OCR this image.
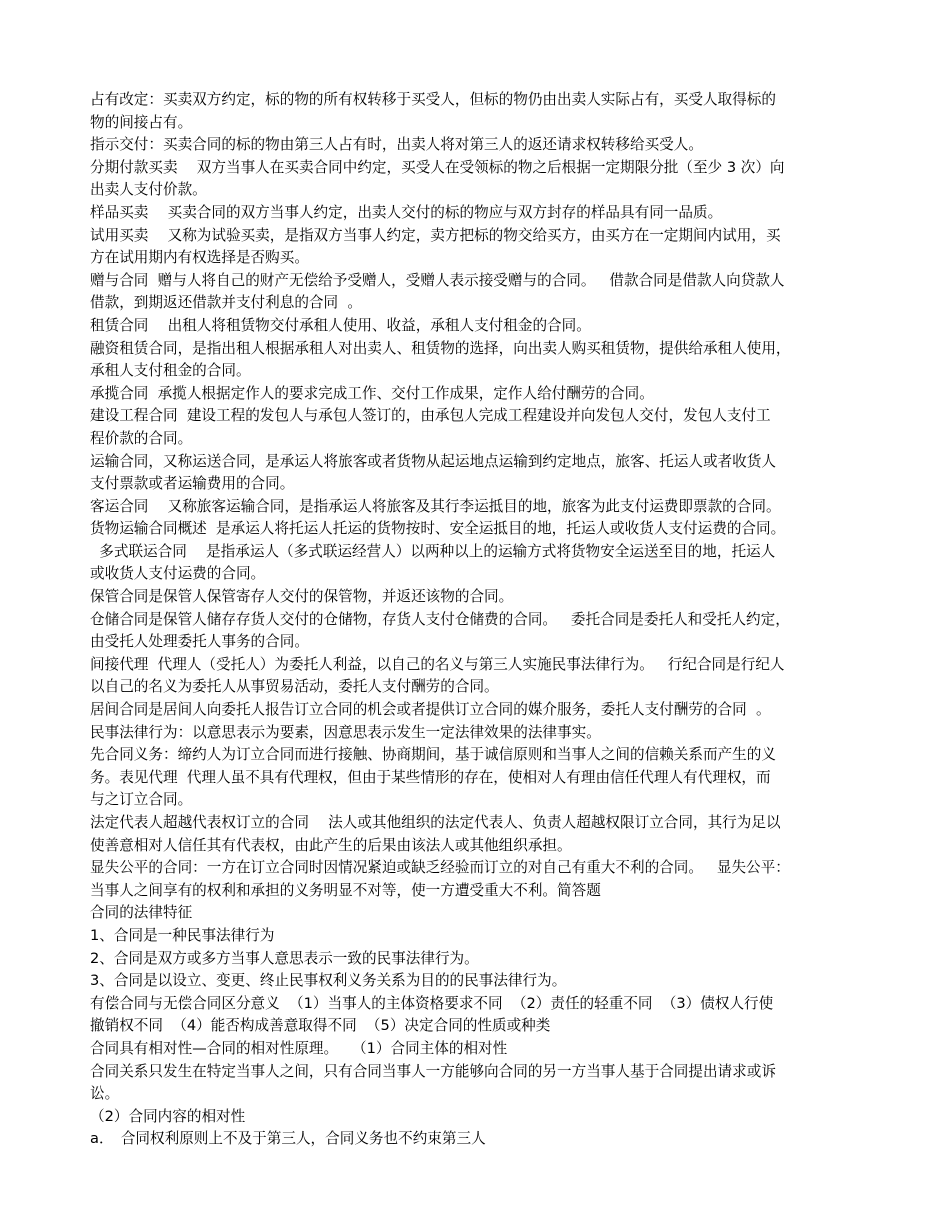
占有改定：买卖双方约定，标的物的所有权转移于买受人，但标的物仍由出卖人实际占有，买受人取得标的

物的间接占有。

指示交付：买卖合同的标的物由第三人占有时，出卖人将对第三人的返还请求权转移给买受人。

分期付款买卖　 双方当事人在买卖合同中约定，买受人在受领标的物之后根据一定期限分批（至少 3 次）向

出卖人支付价款。

样品买卖　 买卖合同的双方当事人约定，出卖人交付的标的物应与双方封存的样品具有同一品质。

试用买卖　 又称为试验买卖，是指双方当事人约定，卖方把标的物交给买方，由买方在一定期间内试用，买

方在试用期内有权选择是否购买。

赠与合同  赠与人将自己的财产无偿给予受赠人，受赠人表示接受赠与的合同。   借款合同是借款人向贷款人

借款，到期返还借款并支付利息的合同  。

租赁合同　 出租人将租赁物交付承租人使用、收益，承租人支付租金的合同。

融资租赁合同，是指出租人根据承租人对出卖人、租赁物的选择，向出卖人购买租赁物，提供给承租人使用，

承租人支付租金的合同。

承揽合同  承揽人根据定作人的要求完成工作、交付工作成果，定作人给付酬劳的合同。

建设工程合同  建设工程的发包人与承包人签订的，由承包人完成工程建设并向发包人交付，发包人支付工

程价款的合同。

运输合同，又称运送合同，是承运人将旅客或者货物从起运地点运输到约定地点，旅客、托运人或者收货人

支付票款或者运输费用的合同。

客运合同　 又称旅客运输合同，是指承运人将旅客及其行李运抵目的地，旅客为此支付运费即票款的合同。

货物运输合同概述  是承运人将托运人托运的货物按时、安全运抵目的地，托运人或收货人支付运费的合同。

多式联运合同　 是指承运人（多式联运经营人）以两种以上的运输方式将货物安全运送至目的地，托运人

或收货人支付运费的合同。

保管合同是保管人保管寄存人交付的保管物，并返还该物的合同。

仓储合同是保管人储存存货人交付的仓储物，存货人支付仓储费的合同。   委托合同是委托人和受托人约定，

由受托人处理委托人事务的合同。

间接代理  代理人（受托人）为委托人利益，以自己的名义与第三人实施民事法律行为。   行纪合同是行纪人

以自己的名义为委托人从事贸易活动，委托人支付酬劳的合同。

居间合同是居间人向委托人报告订立合同的机会或者提供订立合同的媒介服务，委托人支付酬劳的合同  。

民事法律行为：以意思表示为要素，因意思表示发生一定法律效果的法律事实。

先合同义务：缔约人为订立合同而进行接触、协商期间，基于诚信原则和当事人之间的信赖关系而产生的义

务。表见代理  代理人虽不具有代理权，但由于某些情形的存在，使相对人有理由信任代理人有代理权，而

与之订立合同。

法定代表人超越代表权订立的合同　 法人或其他组织的法定代表人、负责人超越权限订立合同，其行为足以

使善意相对人信任其有代表权，由此产生的后果由该法人或其他组织承担。

显失公平的合同：一方在订立合同时因情况紧迫或缺乏经验而订立的对自己有重大不利的合同。   显失公平：

当事人之间享有的权利和承担的义务明显不对等，使一方遭受重大不利。简答题

合同的法律特征

1、合同是一种民事法律行为

2、合同是双方或多方当事人意思表示一致的民事法律行为。

3、合同是以设立、变更、终止民事权利义务关系为目的的民事法律行为。

有偿合同与无偿合同区分意义  （1）当事人的主体资格要求不同  （2）责任的轻重不同  （3）债权人行使

撤销权不同  （4）能否构成善意取得不同  （5）决定合同的性质或种类

合同具有相对性—合同的相对性原理。   （1）合同主体的相对性

合同关系只发生在特定当事人之间，只有合同当事人一方能够向合同的另一方当事人基于合同提出请求或诉

讼。

（2）合同内容的相对性

a．　合同权利原则上不及于第三人，合同义务也不约束第三人
